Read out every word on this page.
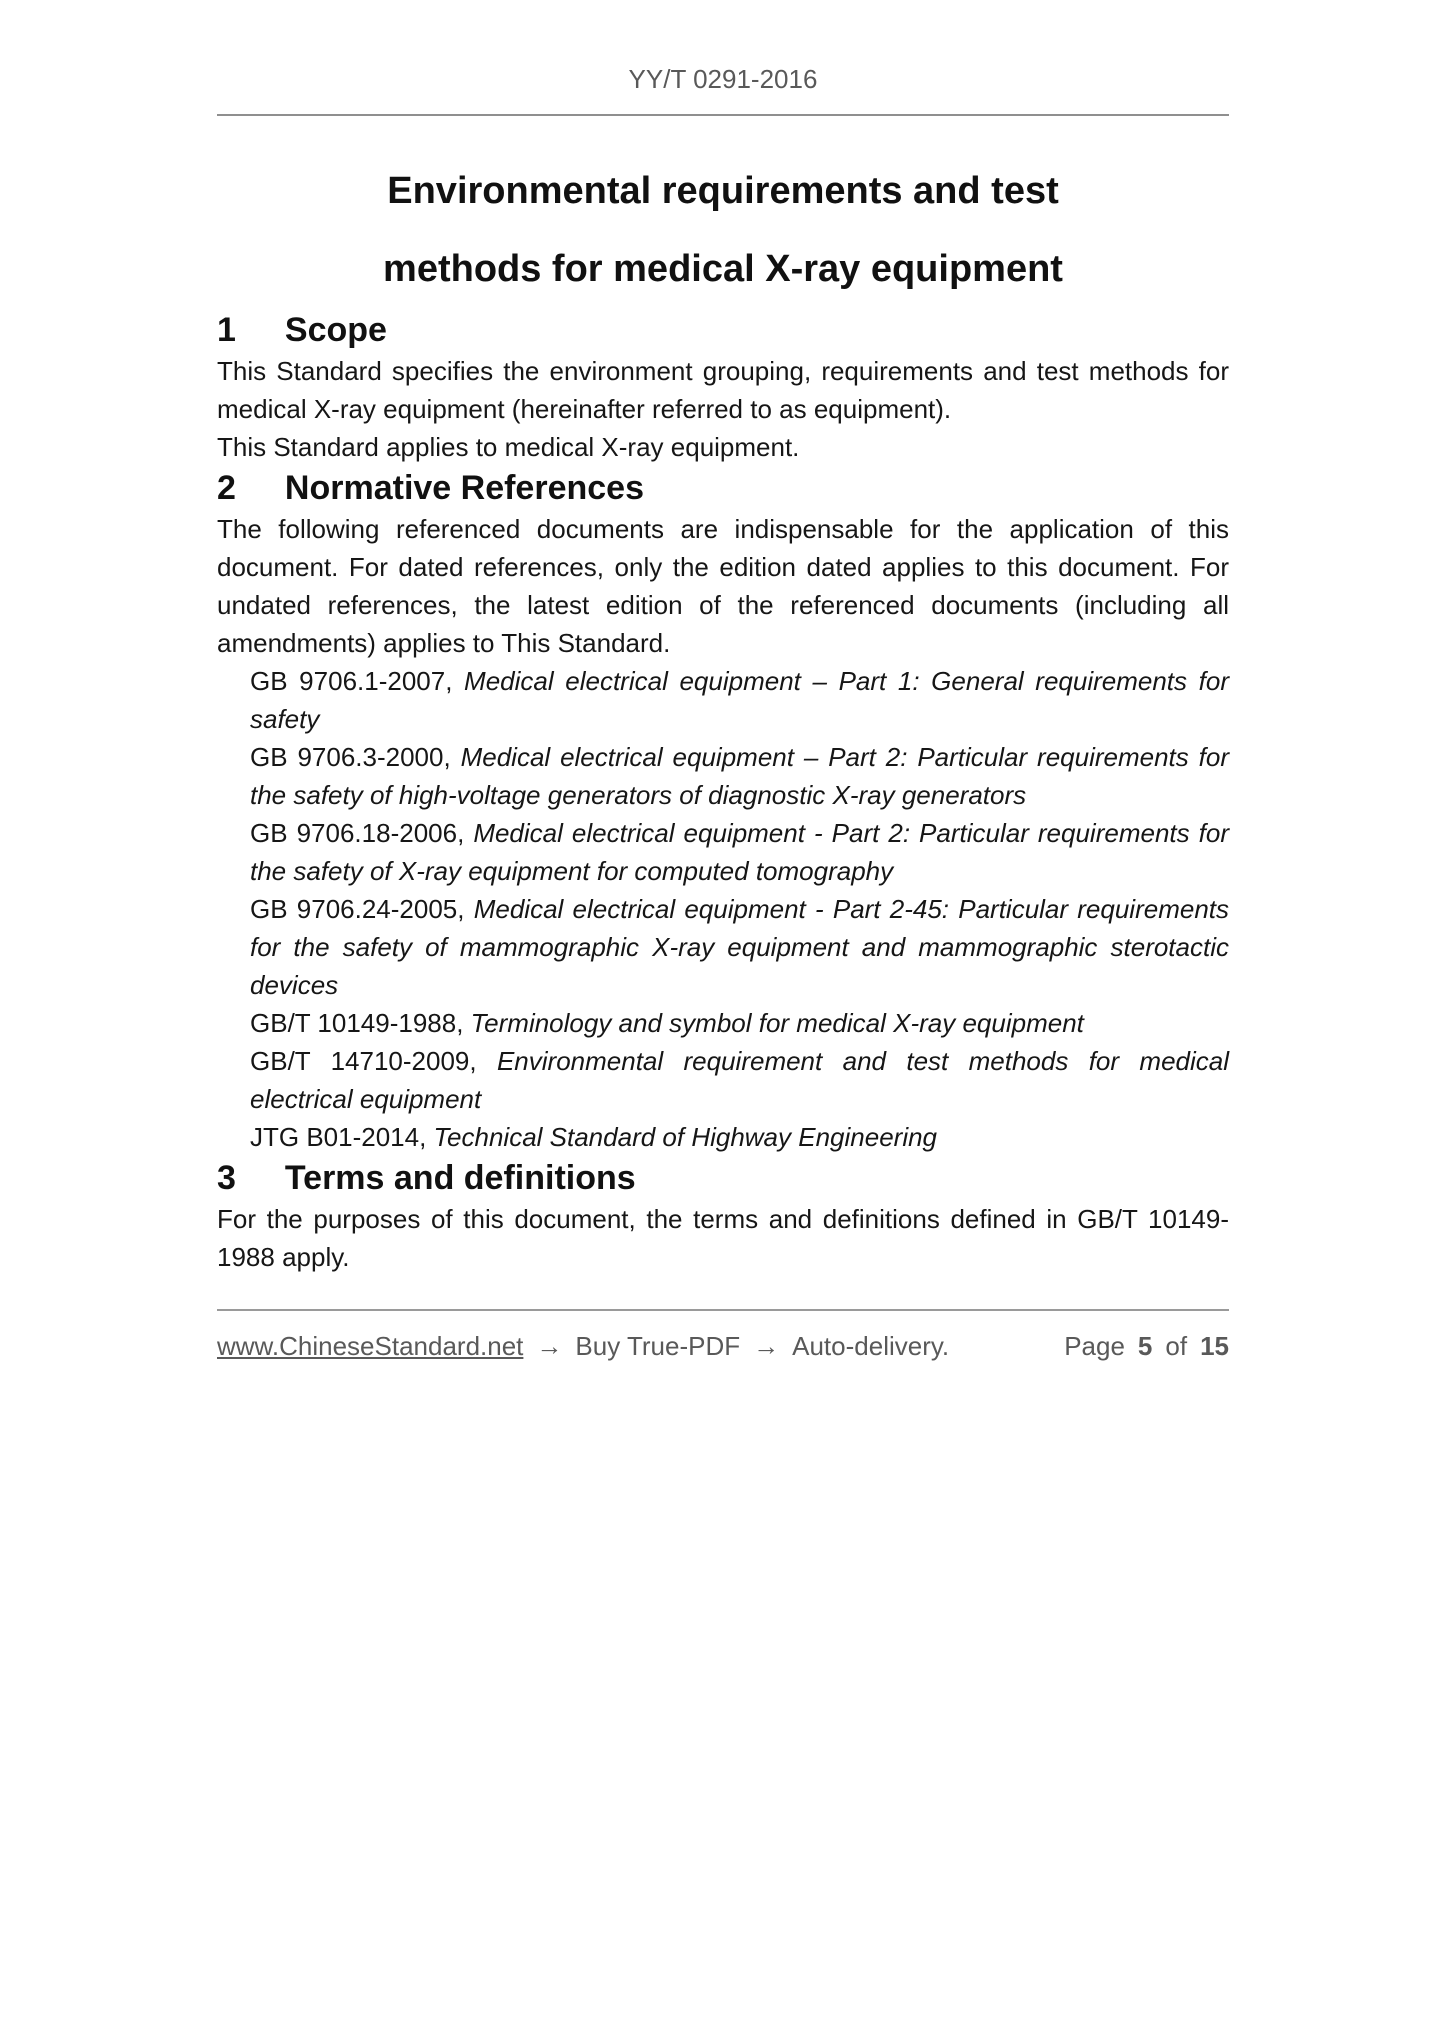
YY/T 0291-2016
Environmental requirements and test
methods for medical X-ray equipment
1 Scope

This Standard specifies the environment grouping, requirements and test methods for medical X-ray equipment (hereinafter referred to as equipment).

This Standard applies to medical X-ray equipment.

2 Normative References

The following referenced documents are indispensable for the application of this document. For dated references, only the edition dated applies to this document. For undated references, the latest edition of the referenced documents (including all amendments) applies to This Standard.

GB 9706.1-2007, Medical electrical equipment – Part 1: General requirements for safety

GB 9706.3-2000, Medical electrical equipment – Part 2: Particular requirements for the safety of high-voltage generators of diagnostic X-ray generators

GB 9706.18-2006, Medical electrical equipment - Part 2: Particular requirements for the safety of X-ray equipment for computed tomography

GB 9706.24-2005, Medical electrical equipment - Part 2-45: Particular requirements for the safety of mammographic X-ray equipment and mammographic sterotactic devices

GB/T 10149-1988, Terminology and symbol for medical X-ray equipment

GB/T 14710-2009, Environmental requirement and test methods for medical electrical equipment

JTG B01-2014, Technical Standard of Highway Engineering

3 Terms and definitions

For the purposes of this document, the terms and definitions defined in GB/T 10149-1988 apply.

www.ChineseStandard.net → Buy True-PDF → Auto-delivery.	Page 5 of 15
